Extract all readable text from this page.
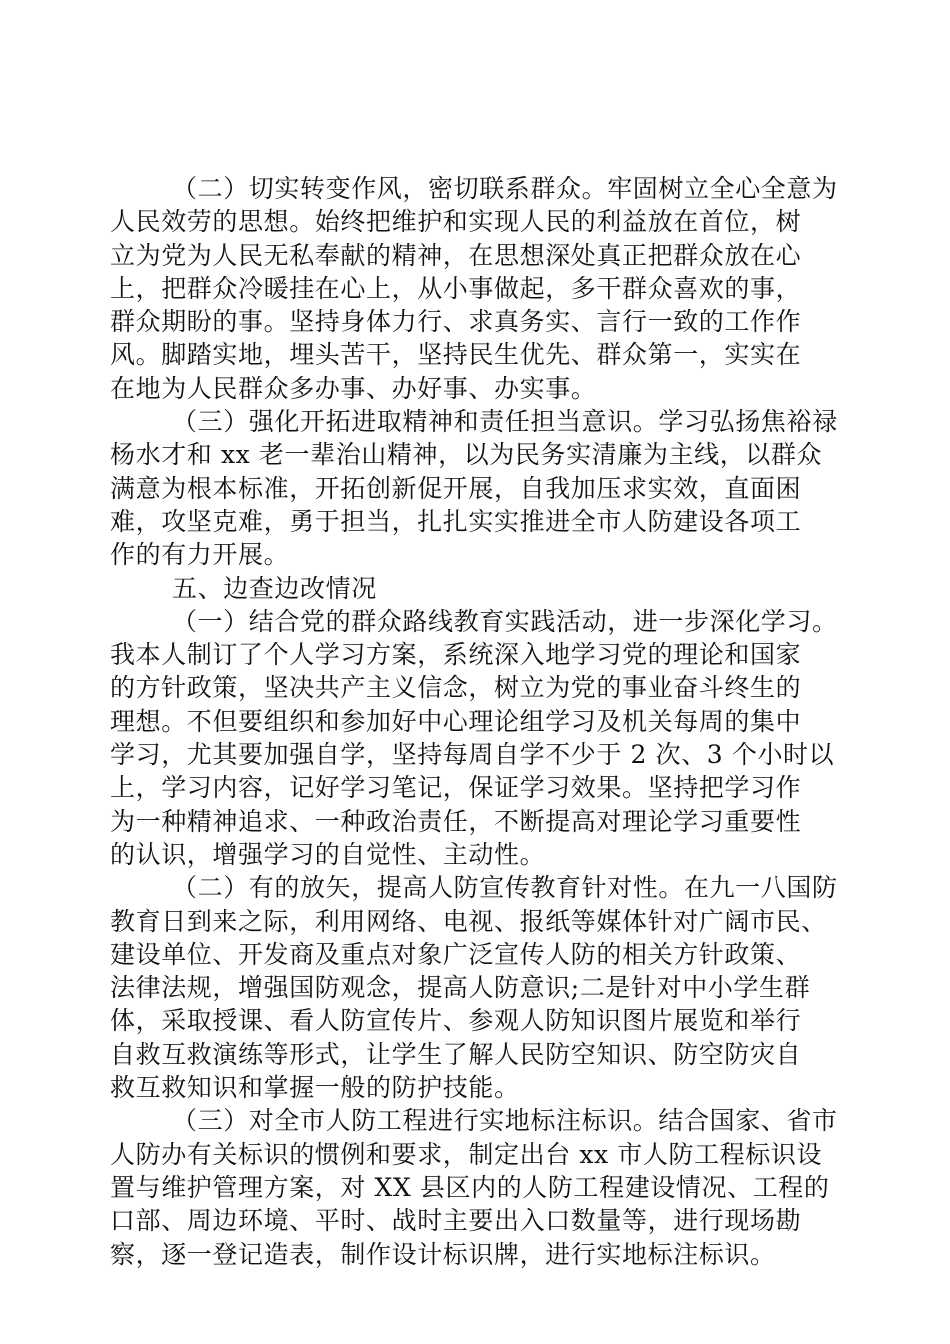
（二）切实转变作风，密切联系群众。牢固树立全心全意为
人民效劳的思想。始终把维护和实现人民的利益放在首位，树
立为党为人民无私奉献的精神，在思想深处真正把群众放在心
上，把群众冷暖挂在心上，从小事做起，多干群众喜欢的事，
群众期盼的事。坚持身体力行、求真务实、言行一致的工作作
风。脚踏实地，埋头苦干，坚持民生优先、群众第一，实实在
在地为人民群众多办事、办好事、办实事。
（三）强化开拓进取精神和责任担当意识。学习弘扬焦裕禄
杨水才和 xx 老一辈治山精神，以为民务实清廉为主线，以群众
满意为根本标准，开拓创新促开展，自我加压求实效，直面困
难，攻坚克难，勇于担当，扎扎实实推进全市人防建设各项工
作的有力开展。
五、边查边改情况
（一）结合党的群众路线教育实践活动，进一步深化学习。
我本人制订了个人学习方案，系统深入地学习党的理论和国家
的方针政策，坚决共产主义信念，树立为党的事业奋斗终生的
理想。不但要组织和参加好中心理论组学习及机关每周的集中
学习，尤其要加强自学，坚持每周自学不少于 2 次、3 个小时以
上，学习内容，记好学习笔记，保证学习效果。坚持把学习作
为一种精神追求、一种政治责任，不断提高对理论学习重要性
的认识，增强学习的自觉性、主动性。
（二）有的放矢，提高人防宣传教育针对性。在九一八国防
教育日到来之际，利用网络、电视、报纸等媒体针对广阔市民、
建设单位、开发商及重点对象广泛宣传人防的相关方针政策、
法律法规，增强国防观念，提高人防意识;二是针对中小学生群
体，采取授课、看人防宣传片、参观人防知识图片展览和举行
自救互救演练等形式，让学生了解人民防空知识、防空防灾自
救互救知识和掌握一般的防护技能。
（三）对全市人防工程进行实地标注标识。结合国家、省市
人防办有关标识的惯例和要求，制定出台 xx 市人防工程标识设
置与维护管理方案，对 XX 县区内的人防工程建设情况、工程的
口部、周边环境、平时、战时主要出入口数量等，进行现场勘
察，逐一登记造表，制作设计标识牌，进行实地标注标识。
